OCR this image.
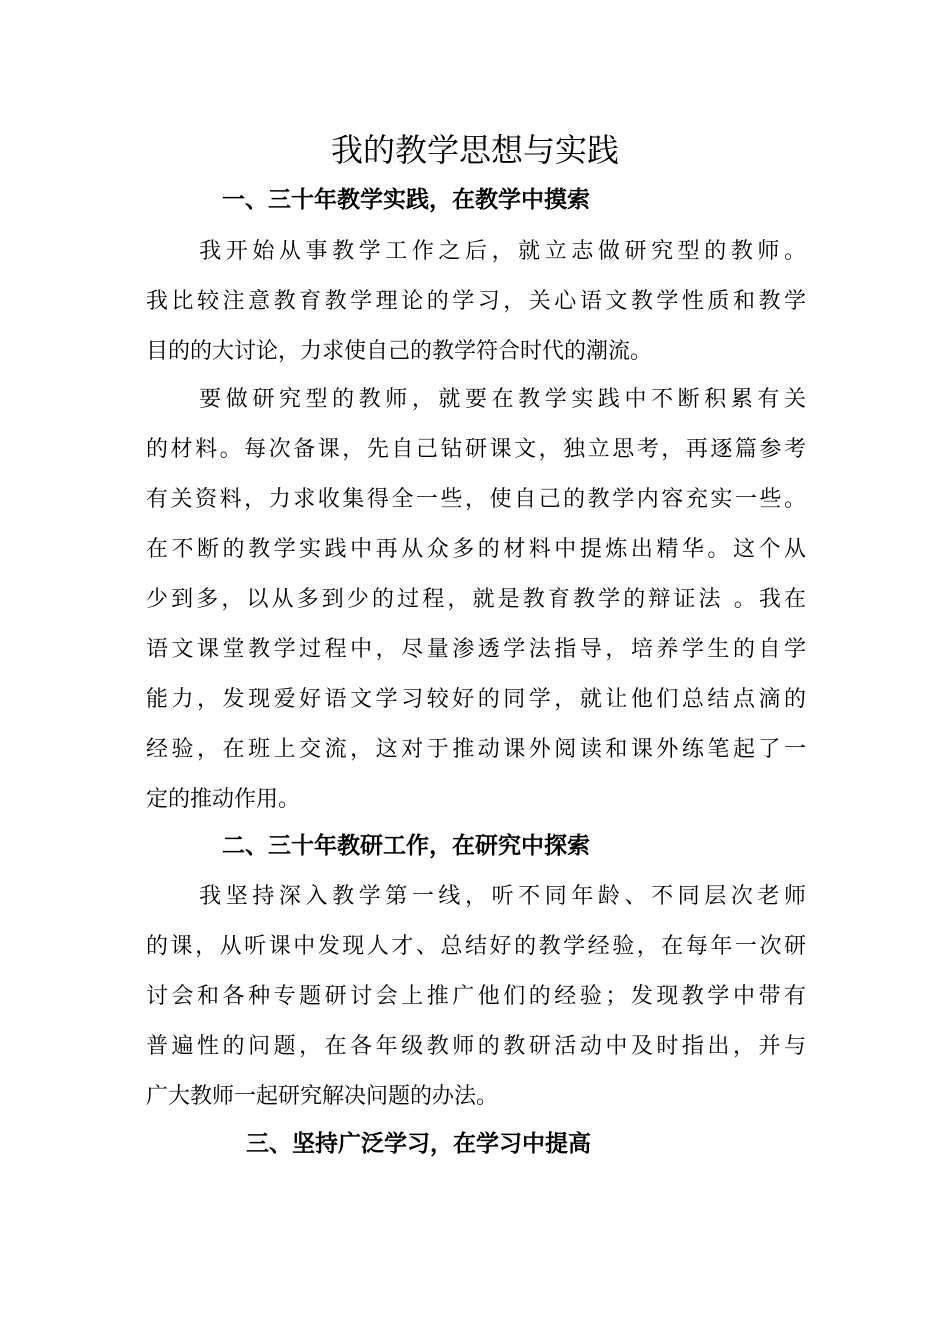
我的教学思想与实践
一、三十年教学实践，在教学中摸索

　　我开始从事教学工作之后，就立志做研究型的教师。
我比较注意教育教学理论的学习，关心语文教学性质和教学
目的的大讨论，力求使自己的教学符合时代的潮流。

　　要做研究型的教师，就要在教学实践中不断积累有关
的材料。每次备课，先自己钻研课文，独立思考，再逐篇参考
有关资料，力求收集得全一些，使自己的教学内容充实一些。
在不断的教学实践中再从众多的材料中提炼出精华。这个从
少到多，以从多到少的过程，就是教育教学的辩证法 。我在
语文课堂教学过程中，尽量渗透学法指导，培养学生的自学
能力，发现爱好语文学习较好的同学，就让他们总结点滴的
经验，在班上交流，这对于推动课外阅读和课外练笔起了一
定的推动作用。

二、三十年教研工作，在研究中探索

　　我坚持深入教学第一线，听不同年龄、不同层次老师
的课，从听课中发现人才、总结好的教学经验，在每年一次研
讨会和各种专题研讨会上推广他们的经验；发现教学中带有
普遍性的问题，在各年级教师的教研活动中及时指出，并与
广大教师一起研究解决问题的办法。

三、坚持广泛学习，在学习中提高
